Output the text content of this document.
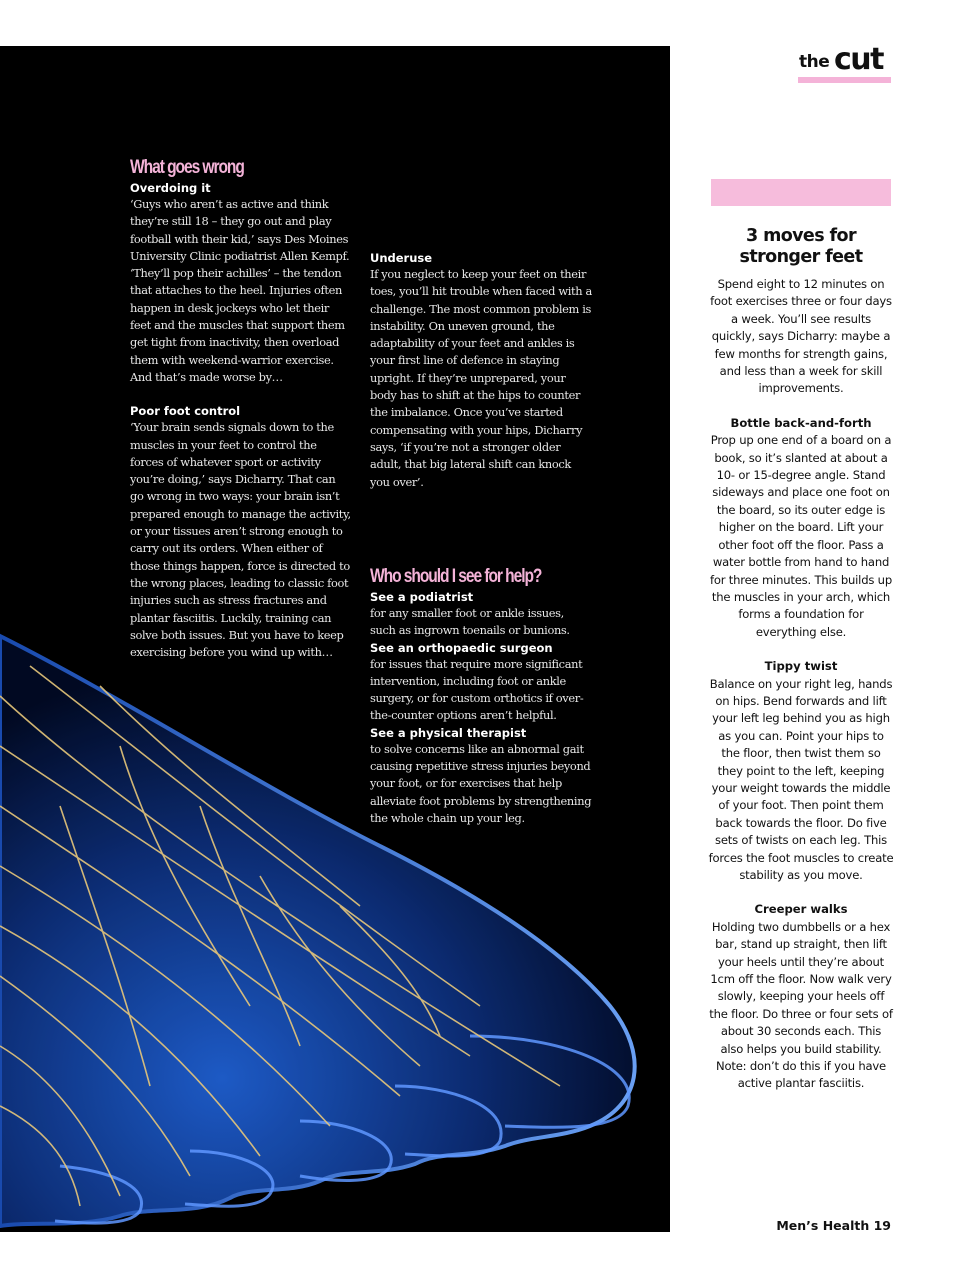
What goes wrong

Overdoing it

‘Guys who aren’t as active and think they’re still 18 – they go out and play football with their kid,’ says Des Moines University Clinic podiatrist Allen Kempf. ‘They’ll pop their achilles’ – the tendon that attaches to the heel. Injuries often happen in desk jockeys who let their feet and the muscles that support them get tight from inactivity, then overload them with weekend-warrior exercise. And that’s made worse by…

Poor foot control

‘Your brain sends signals down to the muscles in your feet to control the forces of whatever sport or activity you’re doing,’ says Dicharry. That can go wrong in two ways: your brain isn’t prepared enough to manage the activity, or your tissues aren’t strong enough to carry out its orders. When either of those things happen, force is directed to the wrong places, leading to classic foot injuries such as stress fractures and plantar fasciitis. Luckily, training can solve both issues. But you have to keep exercising before you wind up with…

Underuse

If you neglect to keep your feet on their toes, you’ll hit trouble when faced with a challenge. The most common problem is instability. On uneven ground, the adaptability of your feet and ankles is your first line of defence in staying upright. If they’re unprepared, your body has to shift at the hips to counter the imbalance. Once you’ve started compensating with your hips, Dicharry says, ‘if you’re not a stronger older adult, that big lateral shift can knock you over’.

Who should I see for help?

See a podiatrist

for any smaller foot or ankle issues, such as ingrown toenails or bunions.

See an orthopaedic surgeon

for issues that require more significant intervention, including foot or ankle surgery, or for custom orthotics if over-the-counter options aren’t helpful.

See a physical therapist

to solve concerns like an abnormal gait causing repetitive stress injuries beyond your foot, or for exercises that help alleviate foot problems by strengthening the whole chain up your leg.

the cut
3 moves for stronger feet

Spend eight to 12 minutes on foot exercises three or four days a week. You’ll see results quickly, says Dicharry: maybe a few months for strength gains, and less than a week for skill improvements.

Bottle back-and-forth

Prop up one end of a board on a book, so it’s slanted at about a 10- or 15-degree angle. Stand sideways and place one foot on the board, so its outer edge is higher on the board. Lift your other foot off the floor. Pass a water bottle from hand to hand for three minutes. This builds up the muscles in your arch, which forms a foundation for everything else.

Tippy twist

Balance on your right leg, hands on hips. Bend forwards and lift your left leg behind you as high as you can. Point your hips to the floor, then twist them so they point to the left, keeping your weight towards the middle of your foot. Then point them back towards the floor. Do five sets of twists on each leg. This forces the foot muscles to create stability as you move.

Creeper walks

Holding two dumbbells or a hex bar, stand up straight, then lift your heels until they’re about 1cm off the floor. Now walk very slowly, keeping your heels off the floor. Do three or four sets of about 30 seconds each. This also helps you build stability. Note: don’t do this if you have active plantar fasciitis.

Men’s Health 19
